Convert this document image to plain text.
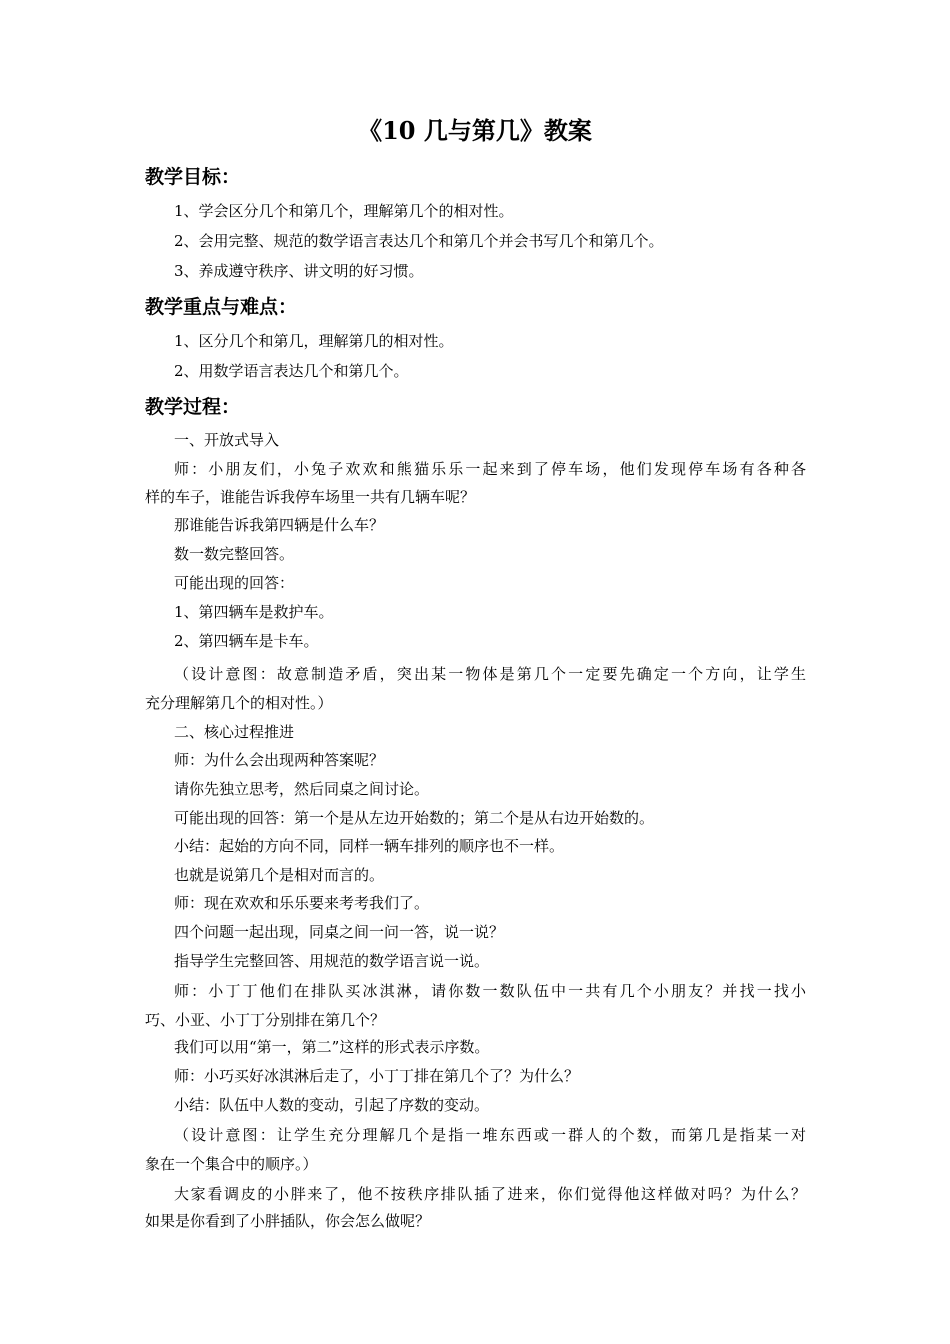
《10 几与第几》教案
教学目标：
1、学会区分几个和第几个，理解第几个的相对性。
2、会用完整、规范的数学语言表达几个和第几个并会书写几个和第几个。
3、养成遵守秩序、讲文明的好习惯。
教学重点与难点：
1、区分几个和第几，理解第几的相对性。
2、用数学语言表达几个和第几个。
教学过程：
一、开放式导入
师：小朋友们，小兔子欢欢和熊猫乐乐一起来到了停车场，他们发现停车场有各种各
样的车子，谁能告诉我停车场里一共有几辆车呢？
那谁能告诉我第四辆是什么车？
数一数完整回答。
可能出现的回答：
1、第四辆车是救护车。
2、第四辆车是卡车。
（设计意图：故意制造矛盾，突出某一物体是第几个一定要先确定一个方向，让学生
充分理解第几个的相对性。）
二、核心过程推进
师：为什么会出现两种答案呢？
请你先独立思考，然后同桌之间讨论。
可能出现的回答：第一个是从左边开始数的；第二个是从右边开始数的。
小结：起始的方向不同，同样一辆车排列的顺序也不一样。
也就是说第几个是相对而言的。
师：现在欢欢和乐乐要来考考我们了。
四个问题一起出现，同桌之间一问一答，说一说？
指导学生完整回答、用规范的数学语言说一说。
师：小丁丁他们在排队买冰淇淋，请你数一数队伍中一共有几个小朋友？并找一找小
巧、小亚、小丁丁分别排在第几个？
我们可以用“第一，第二”这样的形式表示序数。
师：小巧买好冰淇淋后走了，小丁丁排在第几个了？为什么？
小结：队伍中人数的变动，引起了序数的变动。
（设计意图：让学生充分理解几个是指一堆东西或一群人的个数，而第几是指某一对
象在一个集合中的顺序。）
大家看调皮的小胖来了，他不按秩序排队插了进来，你们觉得他这样做对吗？为什么？
如果是你看到了小胖插队，你会怎么做呢？
